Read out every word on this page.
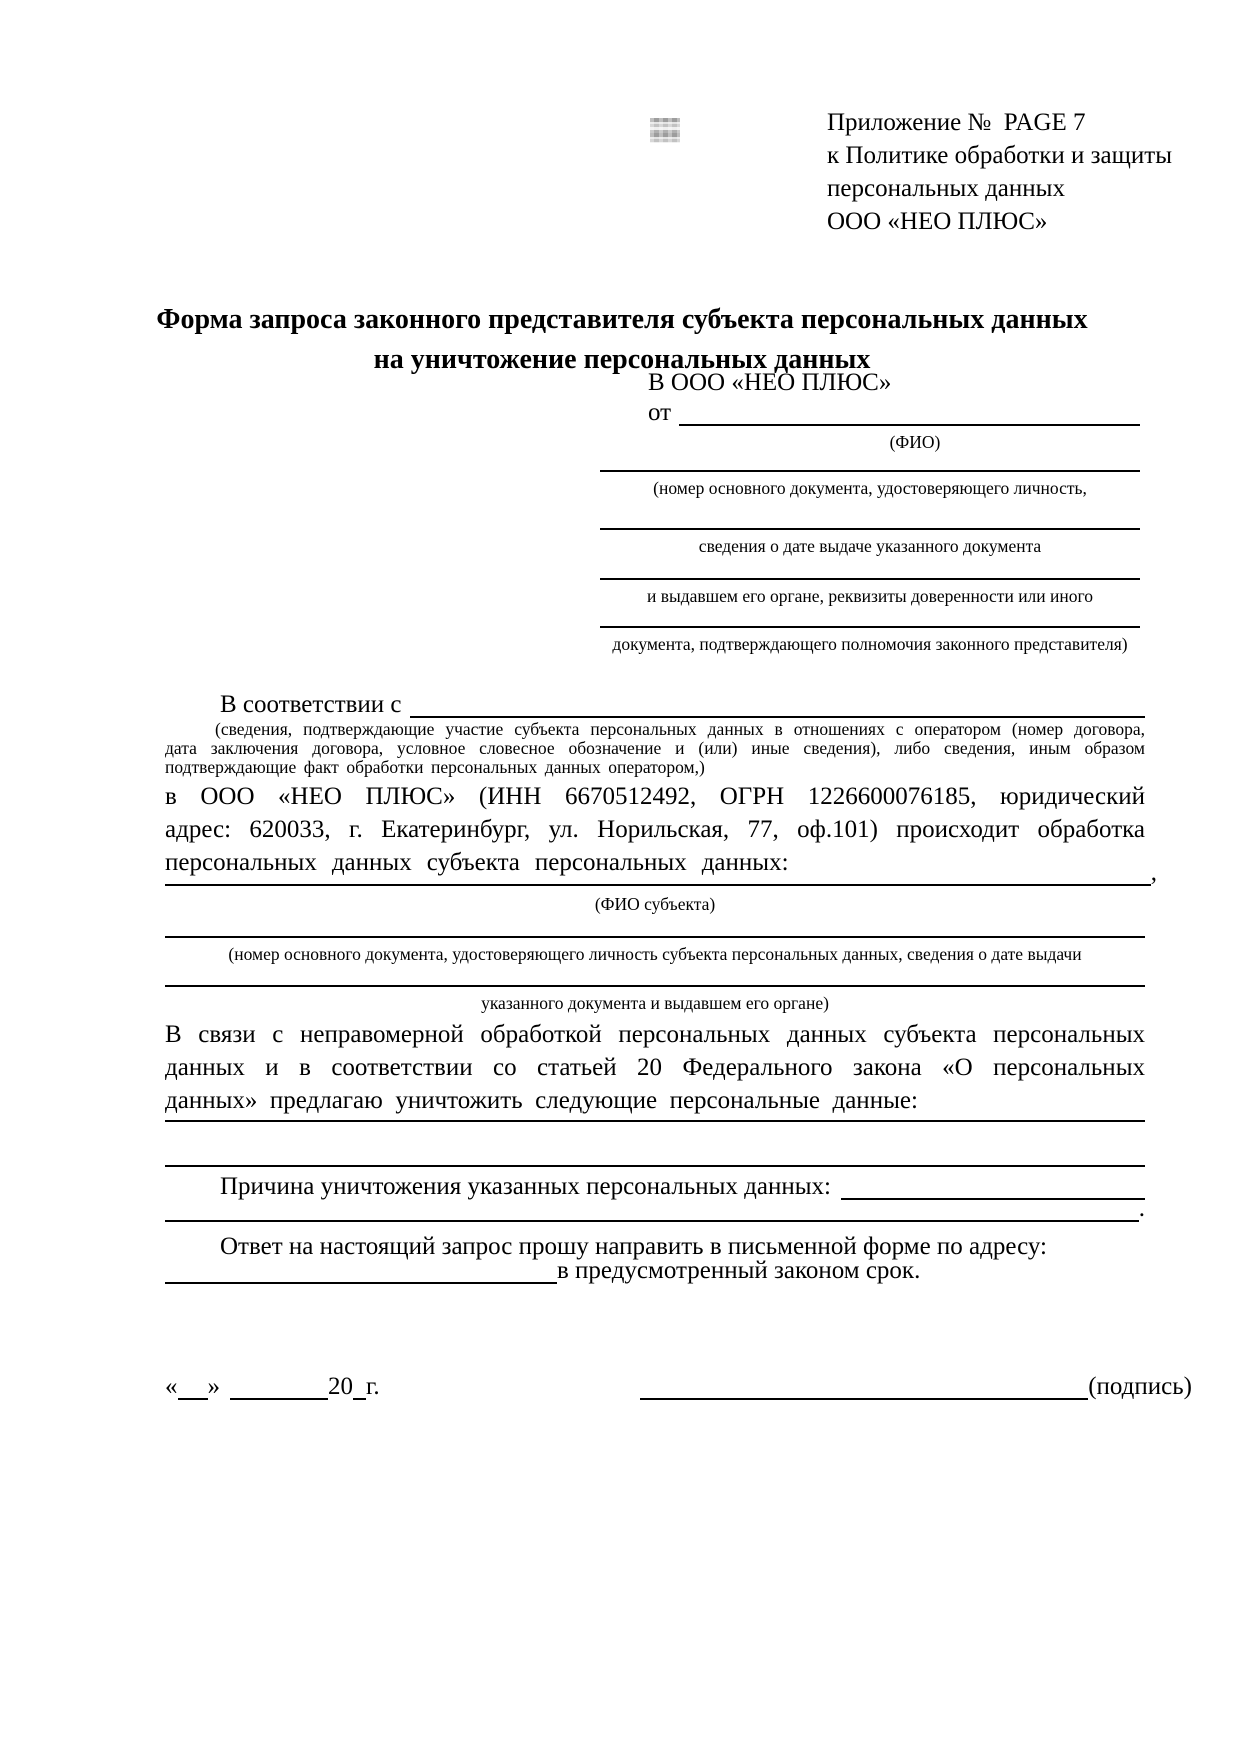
Приложение №  PAGE 7
к Политике обработки и защиты
персональных данных
ООО «НЕО ПЛЮС»
Форма запроса законного представителя субъекта персональных данных
на уничтожение персональных данных
В ООО «НЕО ПЛЮС»
от
(ФИО)
(номер основного документа, удостоверяющего личность,
сведения о дате выдаче указанного документа
и выдавшем его органе, реквизиты доверенности или иного
документа, подтверждающего полномочия законного представителя)
В соответствии с
(сведения, подтверждающие участие субъекта персональных данных в отношениях с оператором (номер договора, дата заключения договора, условное словесное обозначение и (или) иные сведения), либо сведения, иным образом подтверждающие факт обработки персональных данных оператором,)
в ООО «НЕО ПЛЮС» (ИНН 6670512492, ОГРН 1226600076185, юридический адрес: 620033, г. Екатеринбург, ул. Норильская, 77, оф.101) происходит обработка персональных данных субъекта персональных данных:	,
(ФИО субъекта)
(номер основного документа, удостоверяющего личность субъекта персональных данных, сведения о дате выдачи
указанного документа и выдавшем его органе)
В связи с неправомерной обработкой персональных данных субъекта персональных данных и в соответствии со статьей 20 Федерального закона «О персональных данных» предлагаю уничтожить следующие персональные данные:
Причина уничтожения указанных персональных данных:
.
Ответ на настоящий запрос прошу направить в письменной форме по адресу:
в предусмотренный законом срок.
« »	20 г.	(подпись)
